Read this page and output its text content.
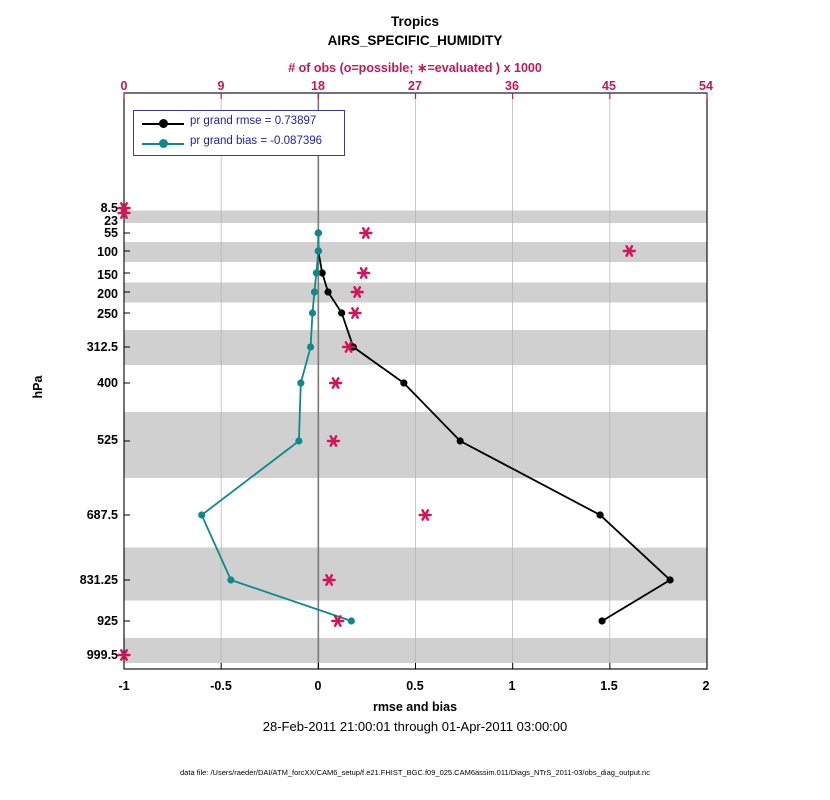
Tropics
AIRS_SPECIFIC_HUMIDITY
# of obs (o=possible; ∗=evaluated ) x 1000
hPa
rmse and bias
28-Feb-2011 21:00:01 through 01-Apr-2011 03:00:00
data file: /Users/raeder/DAI/ATM_forcXX/CAM6_setup/f.e21.FHIST_BGC.f09_025.CAM6assim.011/Diags_NTrS_2011-03/obs_diag_output.nc
0	9	18	27	36	45	54
-1	-0.5	0	0.5	1	1.5	2
8.5
23
55
100
150
200
250
312.5
400
525
687.5
831.25
925
999.5
pr grand rmse = 0.73897
pr grand bias = -0.087396
